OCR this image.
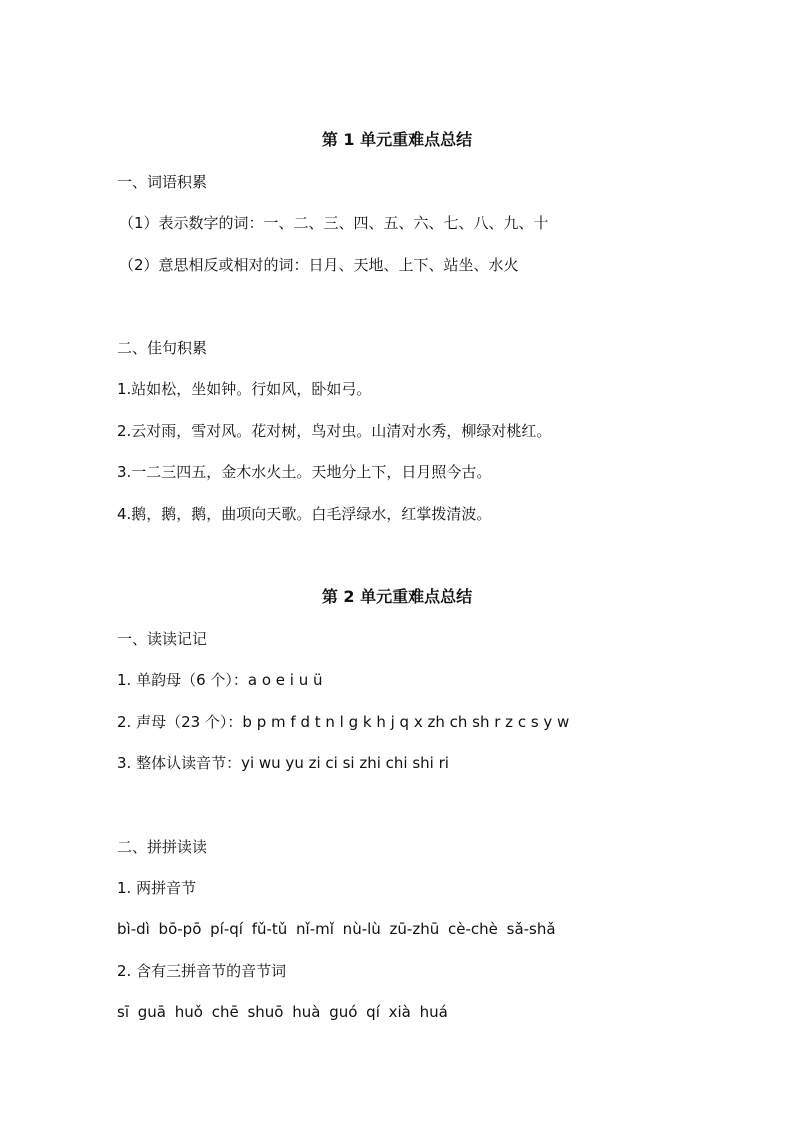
第 1 单元重难点总结
一、词语积累
（1）表示数字的词：一、二、三、四、五、六、七、八、九、十
（2）意思相反或相对的词：日月、天地、上下、站坐、水火
二、佳句积累
1.站如松，坐如钟。行如风，卧如弓。
2.云对雨，雪对风。花对树，鸟对虫。山清对水秀，柳绿对桃红。
3.一二三四五，金木水火土。天地分上下，日月照今古。
4.鹅，鹅，鹅，曲项向天歌。白毛浮绿水，红掌拨清波。
第 2 单元重难点总结
一、读读记记
1. 单韵母（6 个）：a o e i u ü
2. 声母（23 个）：b p m f d t n l g k h j q x zh ch sh r z c s y w
3. 整体认读音节：yi wu yu zi ci si zhi chi shi ri
二、拼拼读读
1. 两拼音节
bì-dì bō-pō pí-qí fǔ-tǔ nǐ-mǐ nù-lù zū-zhū cè-chè sǎ-shǎ
2. 含有三拼音节的音节词
sī guā huǒ chē shuō huà guó qí xià huá
